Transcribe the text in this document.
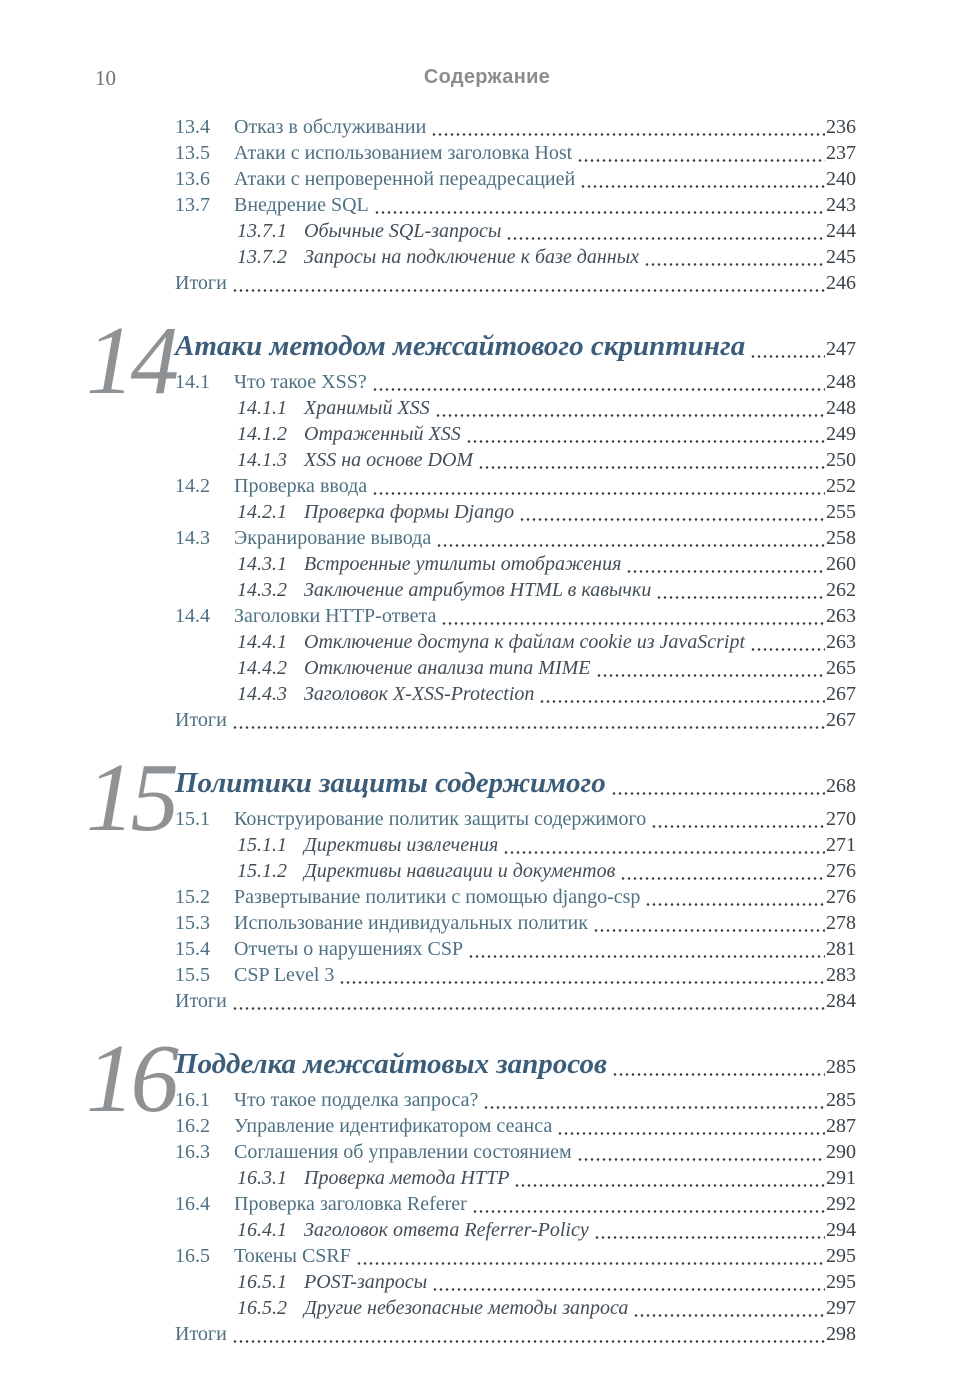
10	Содержание
13.4	Отказ в обслуживании	236
13.5	Атаки с использованием заголовка Host	237
13.6	Атаки с непроверенной переадресацией	240
13.7	Внедрение SQL	243
13.7.1 Обычные SQL-запросы	244
13.7.2 Запросы на подключение к базе данных	245
Итоги	246
14 Атаки методом межсайтового скриптинга	247
14.1	Что такое XSS?	248
14.1.1 Хранимый XSS	248
14.1.2 Отраженный XSS	249
14.1.3 XSS на основе DOM	250
14.2	Проверка ввода	252
14.2.1 Проверка формы Django	255
14.3	Экранирование вывода	258
14.3.1 Встроенные утилиты отображения	260
14.3.2 Заключение атрибутов HTML в кавычки	262
14.4	Заголовки HTTP-ответа	263
14.4.1 Отключение доступа к файлам cookie из JavaScript	263
14.4.2 Отключение анализа типа MIME	265
14.4.3 Заголовок X-XSS-Protection	267
Итоги	267
15 Политики защиты содержимого	268
15.1	Конструирование политик защиты содержимого	270
15.1.1 Директивы извлечения	271
15.1.2 Директивы навигации и документов	276
15.2	Развертывание политики с помощью django-csp	276
15.3	Использование индивидуальных политик	278
15.4	Отчеты о нарушениях CSP	281
15.5	CSP Level 3	283
Итоги	284
16 Подделка межсайтовых запросов	285
16.1	Что такое подделка запроса?	285
16.2	Управление идентификатором сеанса	287
16.3	Соглашения об управлении состоянием	290
16.3.1 Проверка метода HTTP	291
16.4	Проверка заголовка Referer	292
16.4.1 Заголовок ответа Referrer-Policy	294
16.5	Токены CSRF	295
16.5.1 POST-запросы	295
16.5.2 Другие небезопасные методы запроса	297
Итоги	298
